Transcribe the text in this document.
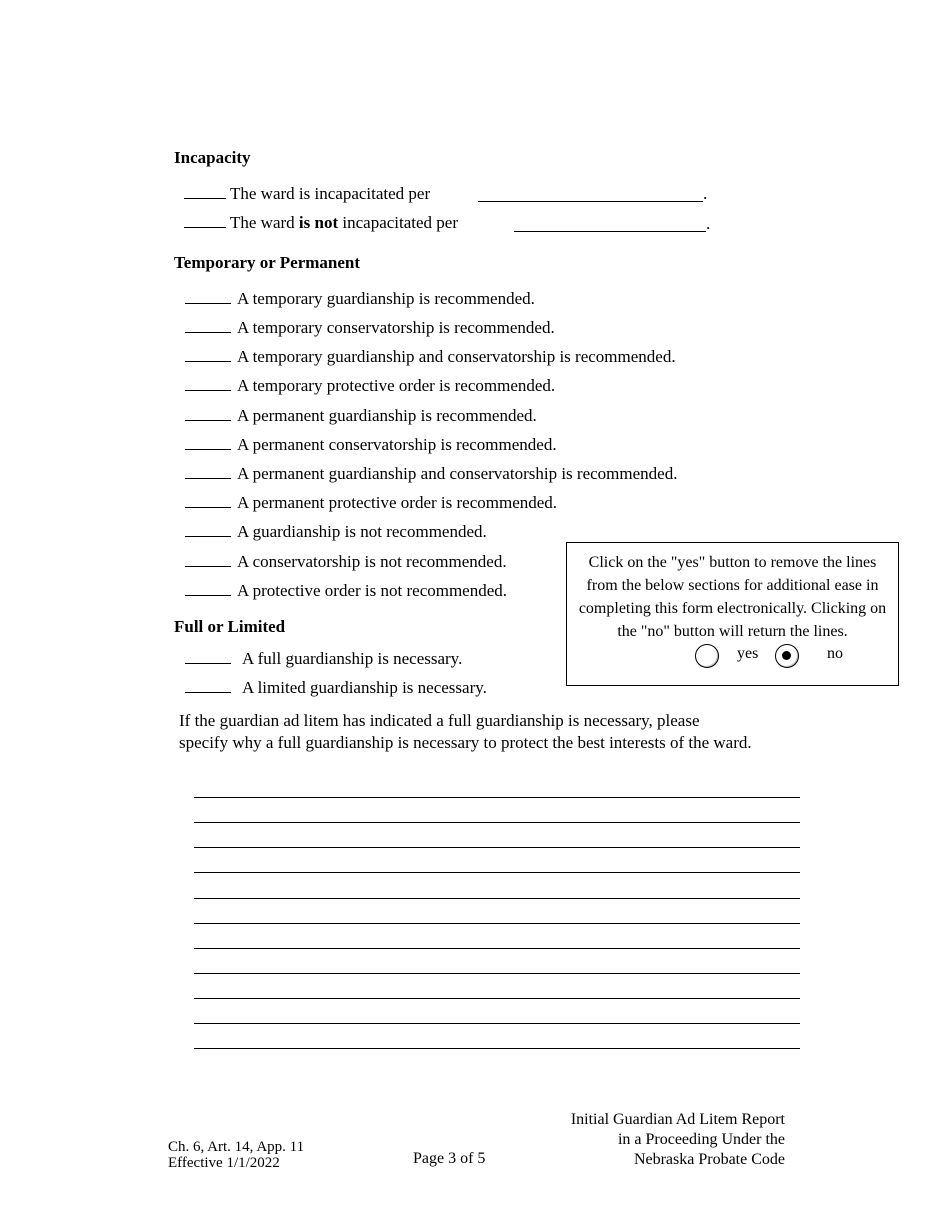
Incapacity
The ward is incapacitated per	.
The ward is not incapacitated per	.
Temporary or Permanent
A temporary guardianship is recommended.
A temporary conservatorship is recommended.
A temporary guardianship and conservatorship is recommended.
A temporary protective order is recommended.
A permanent guardianship is recommended.
A permanent conservatorship is recommended.
A permanent guardianship and conservatorship is recommended.
A permanent protective order is recommended.
A guardianship is not recommended.
A conservatorship is not recommended.
A protective order is not recommended.
Full or Limited
A full guardianship is necessary.
A limited guardianship is necessary.
Click on the "yes" button to remove the lines from the below sections for additional ease in completing this form electronically. Clicking on the "no" button will return the lines.
yes	no
If the guardian ad litem has indicated a full guardianship is necessary, please
specify why a full guardianship is necessary to protect the best interests of the ward.
Ch. 6, Art. 14, App. 11
Effective 1/1/2022	Page 3 of 5
Initial Guardian Ad Litem Report
in a Proceeding Under the
Nebraska Probate Code
